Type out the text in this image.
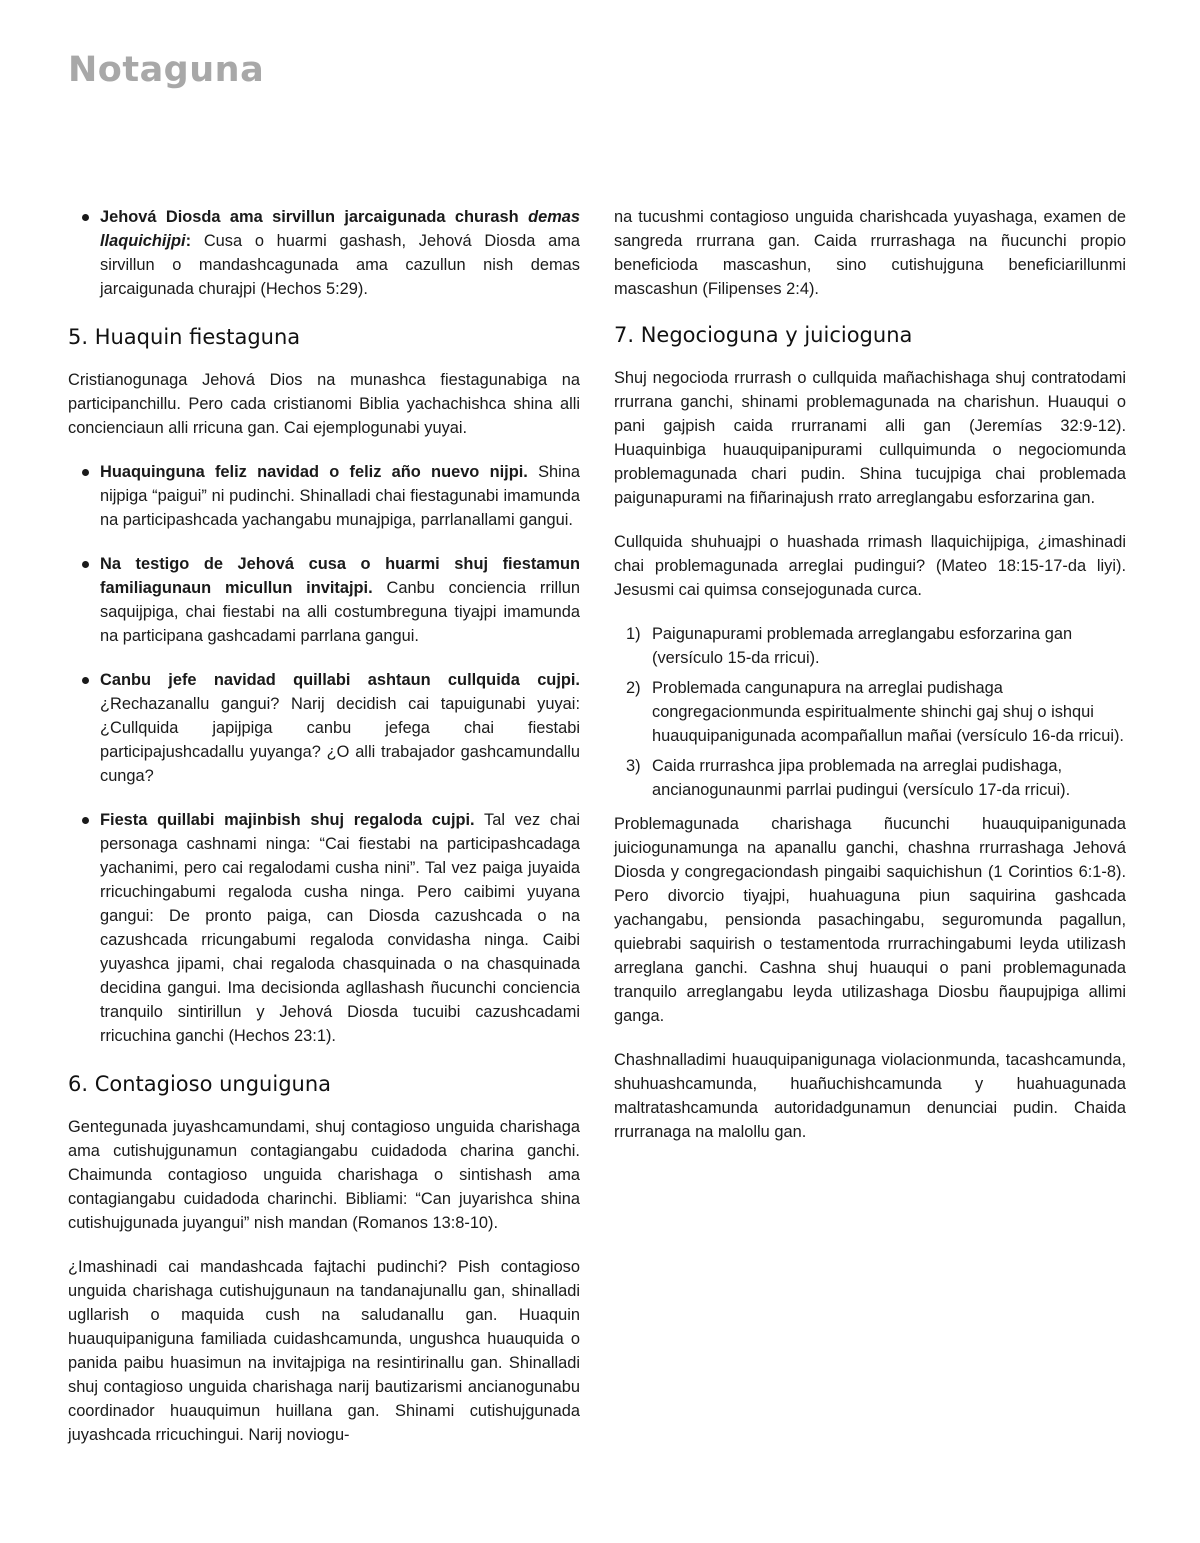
Notaguna
Jehová Diosda ama sirvillun jarcaigunada churash demas llaquichijpi: Cusa o huarmi gashash, Jehová Diosda ama sirvillun o mandashcagunada ama cazullun nish demas jarcaigunada churajpi (Hechos 5:29).
5. Huaquin fiestaguna

Cristianogunaga Jehová Dios na munashca fiestagunabiga na participanchillu. Pero cada cristianomi Biblia yachachishca shina alli concienciaun alli rricuna gan. Cai ejemplogunabi yuyai.

Huaquinguna feliz navidad o feliz año nuevo nijpi. Shina nijpiga “paigui” ni pudinchi. Shinalladi chai fiestagunabi imamunda na participashcada yachangabu munajpiga, parrlanallami gangui.
Na testigo de Jehová cusa o huarmi shuj fiestamun familiagunaun micullun invitajpi. Canbu conciencia rrillun saquijpiga, chai fiestabi na alli costumbreguna tiyajpi imamunda na participana gashcadami parrlana gangui.
Canbu jefe navidad quillabi ashtaun cullquida cujpi. ¿Rechazanallu gangui? Narij decidish cai tapuigunabi yuyai: ¿Cullquida japijpiga canbu jefega chai fiestabi participajushcadallu yuyanga? ¿O alli trabajador gashcamundallu cunga?
Fiesta quillabi majinbish shuj regaloda cujpi. Tal vez chai personaga cashnami ninga: “Cai fiestabi na participashcadaga yachanimi, pero cai regalodami cusha nini”. Tal vez paiga juyaida rricuchingabumi regaloda cusha ninga. Pero caibimi yuyana gangui: De pronto paiga, can Diosda cazushcada o na cazushcada rricungabumi regaloda convidasha ninga. Caibi yuyashca jipami, chai regaloda chasquinada o na chasquinada decidina gangui. Ima decisionda agllashash ñucunchi conciencia tranquilo sintirillun y Jehová Diosda tucuibi cazushcadami rricuchina ganchi (Hechos 23:1).
6. Contagioso unguiguna

Gentegunada juyashcamundami, shuj contagioso unguida charishaga ama cutishujgunamun contagiangabu cuidadoda charina ganchi. Chaimunda contagioso unguida charishaga o sintishash ama contagiangabu cuidadoda charinchi. Bibliami: “Can juyarishca shina cutishujgunada juyangui” nish mandan (Romanos 13:8-10).

¿Imashinadi cai mandashcada fajtachi pudinchi? Pish contagioso unguida charishaga cutishujgunaun na tandanajunallu gan, shinalladi ugllarish o maquida cush na saludanallu gan. Huaquin huauquipaniguna familiada cuidashcamunda, ungushca huauquida o panida paibu huasimun na invitajpiga na resintirinallu gan. Shinalladi shuj contagioso unguida charishaga narij bautizarismi ancianogunabu coordinador huauquimun huillana gan. Shinami cutishujgunada juyashcada rricuchingui. Narij noviogu-

na tucushmi contagioso unguida charishcada yuyashaga, examen de sangreda rrurrana gan. Caida rrurrashaga na ñucunchi propio beneficioda mascashun, sino cutishujguna beneficiarillunmi mascashun (Filipenses 2:4).

7. Negocioguna y juicioguna

Shuj negocioda rrurrash o cullquida mañachishaga shuj contratodami rrurrana ganchi, shinami problemagunada na charishun. Huauqui o pani gajpish caida rrurranami alli gan (Jeremías 32:9-12). Huaquinbiga huauquipanipurami cullquimunda o negociomunda problemagunada chari pudin. Shina tucujpiga chai problemada paigunapurami na fiñarinajush rrato arreglangabu esforzarina gan.

Cullquida shuhuajpi o huashada rrimash llaquichijpiga, ¿imashinadi chai problemagunada arreglai pudingui? (Mateo 18:15-17-da liyi). Jesusmi cai quimsa consejogunada curca.

1) Paigunapurami problemada arreglangabu esforzarina gan (versículo 15-da rricui).
2) Problemada cangunapura na arreglai pudishaga congregacionmunda espiritualmente shinchi gaj shuj o ishqui huauquipanigunada acompañallun mañai (versículo 16-da rricui).
3) Caida rrurrashca jipa problemada na arreglai pudishaga, ancianogunaunmi parrlai pudingui (versículo 17-da rricui).

Problemagunada charishaga ñucunchi huauquipanigunada juiciogunamunga na apanallu ganchi, chashna rrurrashaga Jehová Diosda y congregaciondash pingaibi saquichishun (1 Corintios 6:1-8). Pero divorcio tiyajpi, huahuaguna piun saquirina gashcada yachangabu, pensionda pasachingabu, seguromunda pagallun, quiebrabi saquirish o testamentoda rrurrachingabumi leyda utilizash arreglana ganchi. Cashna shuj huauqui o pani problemagunada tranquilo arreglangabu leyda utilizashaga Diosbu ñaupujpiga allimi ganga.

Chashnalladimi huauquipanigunaga violacionmunda, tacashcamunda, shuhuashcamunda, huañuchishcamunda y huahuagunada maltratashcamunda autoridadgunamun denunciai pudin. Chaida rrurranaga na malollu gan.
